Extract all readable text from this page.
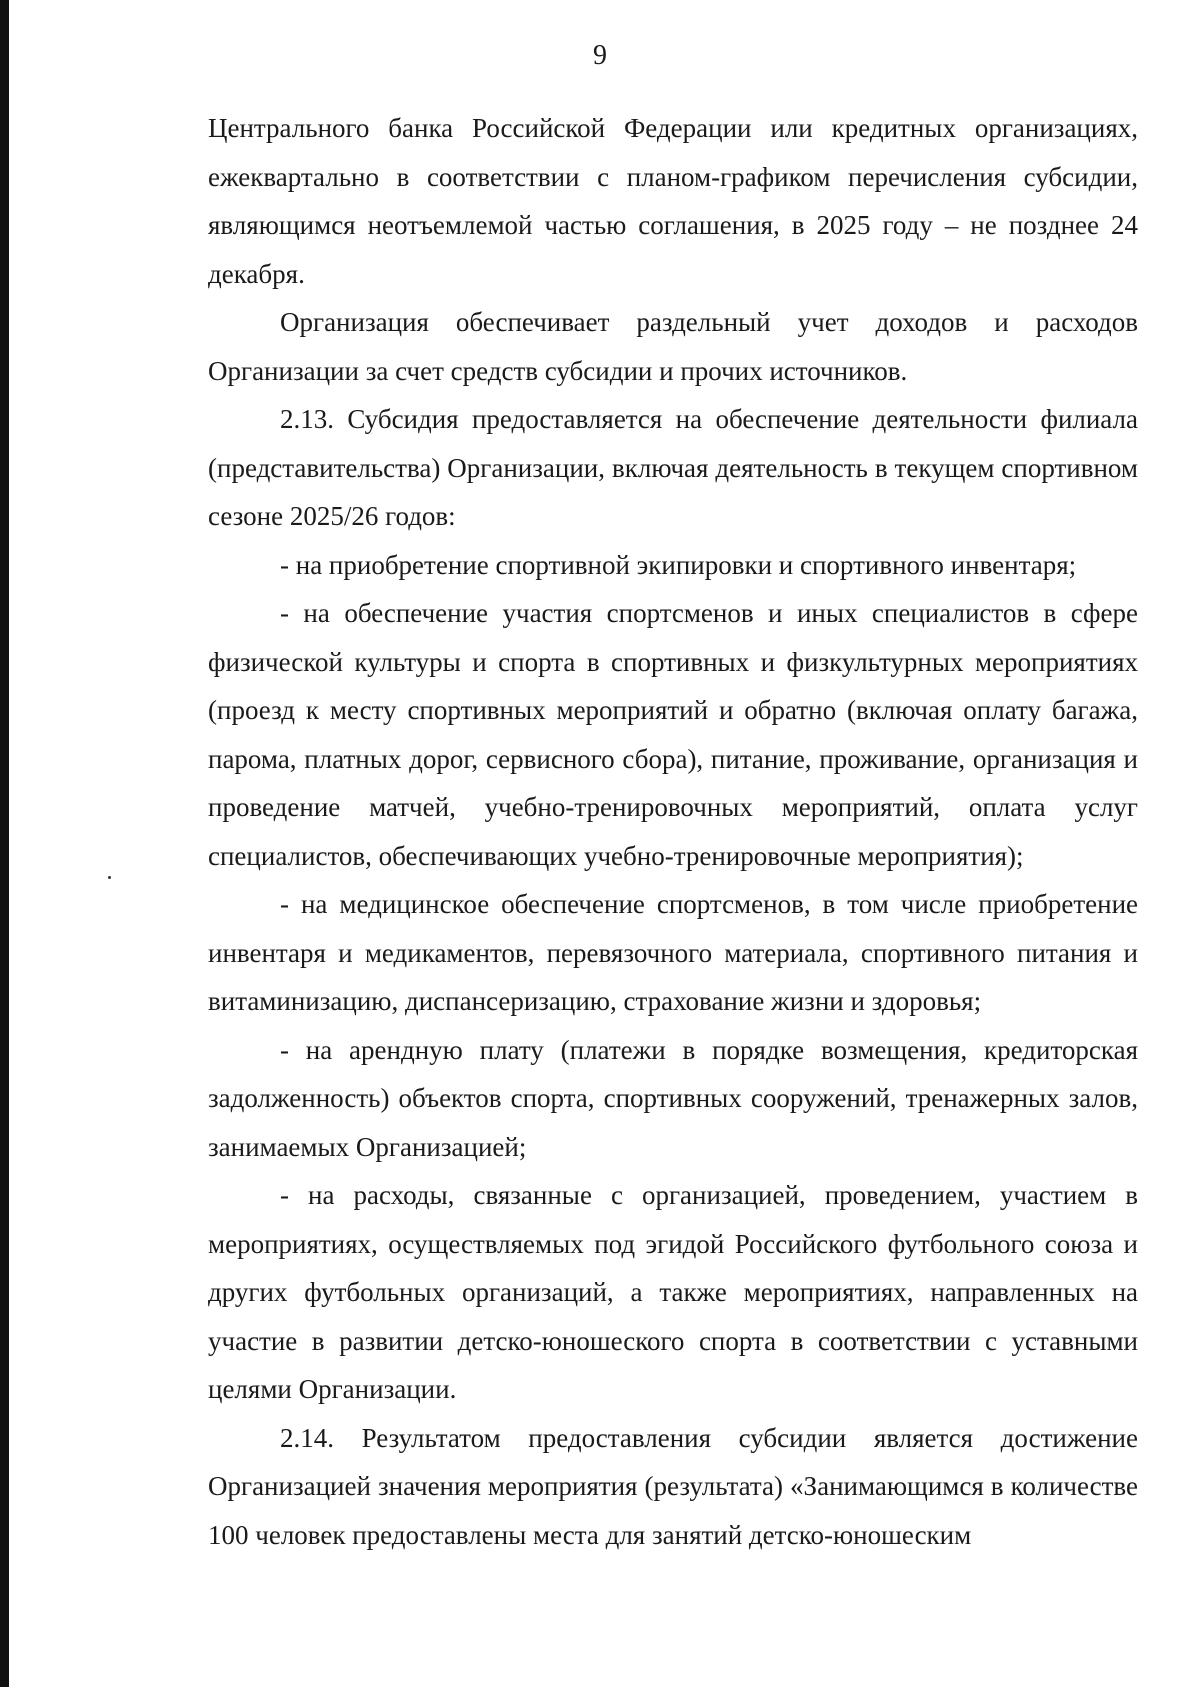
9

Центрального банка Российской Федерации или кредитных организациях, ежеквартально в соответствии с планом-графиком перечисления субсидии, являющимся неотъемлемой частью соглашения, в 2025 году – не позднее 24 декабря.

Организация обеспечивает раздельный учет доходов и расходов Организации за счет средств субсидии и прочих источников.

2.13. Субсидия предоставляется на обеспечение деятельности филиала (представительства) Организации, включая деятельность в текущем спортивном сезоне 2025/26 годов:

- на приобретение спортивной экипировки и спортивного инвентаря;

- на обеспечение участия спортсменов и иных специалистов в сфере физической культуры и спорта в спортивных и физкультурных мероприятиях (проезд к месту спортивных мероприятий и обратно (включая оплату багажа, парома, платных дорог, сервисного сбора), питание, проживание, организация и проведение матчей, учебно-тренировочных мероприятий, оплата услуг специалистов, обеспечивающих учебно-тренировочные мероприятия);

- на медицинское обеспечение спортсменов, в том числе приобретение инвентаря и медикаментов, перевязочного материала, спортивного питания и витаминизацию, диспансеризацию, страхование жизни и здоровья;

- на арендную плату (платежи в порядке возмещения, кредиторская задолженность) объектов спорта, спортивных сооружений, тренажерных залов, занимаемых Организацией;

- на расходы, связанные с организацией, проведением, участием в мероприятиях, осуществляемых под эгидой Российского футбольного союза и других футбольных организаций, а также мероприятиях, направленных на участие в развитии детско-юношеского спорта в соответствии с уставными целями Организации.

2.14. Результатом предоставления субсидии является достижение Организацией значения мероприятия (результата) «Занимающимся в количестве 100 человек предоставлены места для занятий детско-юношеским
